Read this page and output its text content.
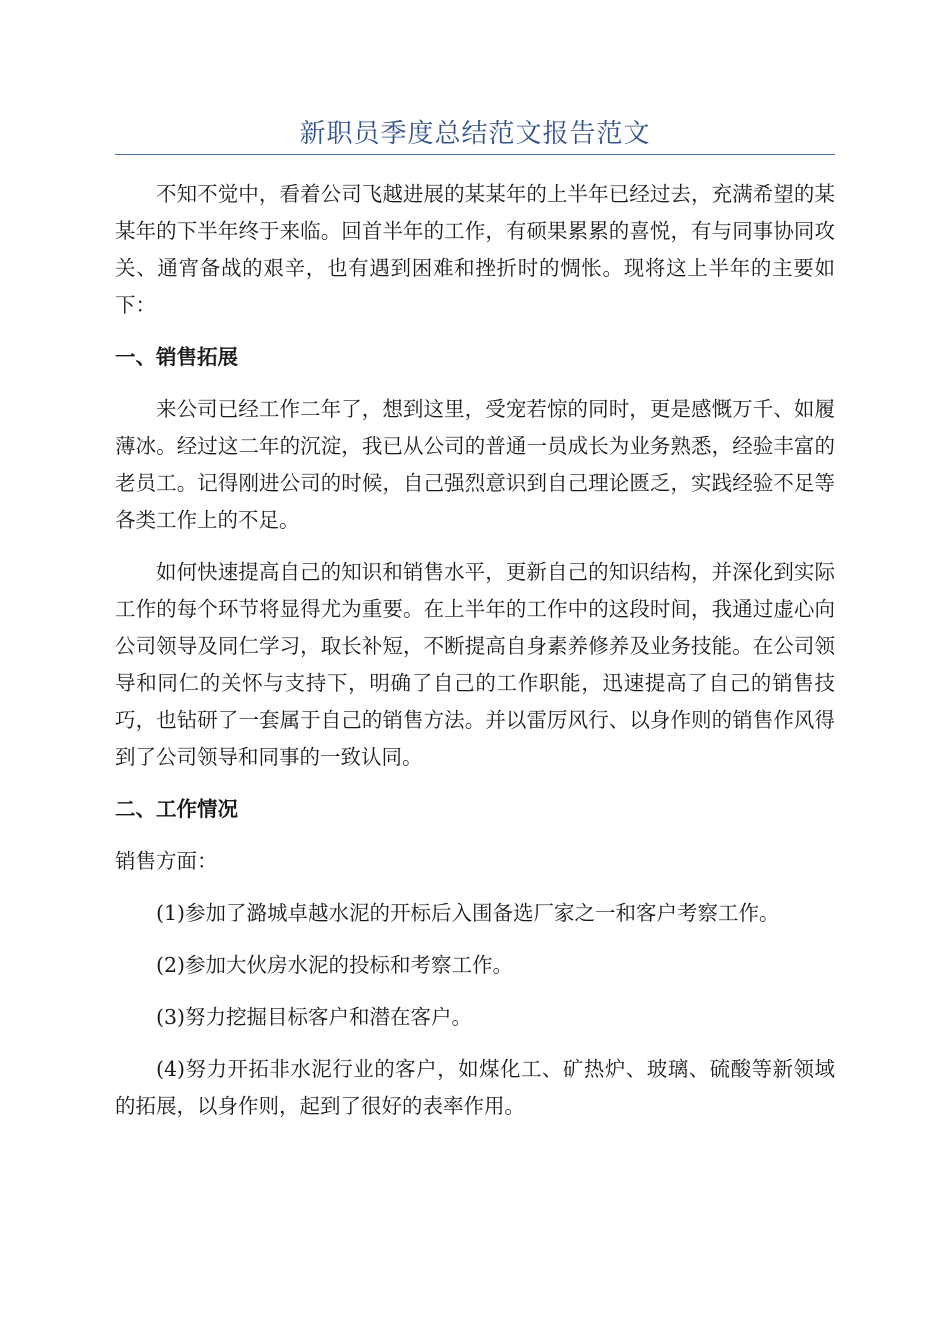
新职员季度总结范文报告范文

不知不觉中，看着公司飞越进展的某某年的上半年已经过去，充满希望的某某年的下半年终于来临。回首半年的工作，有硕果累累的喜悦，有与同事协同攻关、通宵备战的艰辛，也有遇到困难和挫折时的惆怅。现将这上半年的主要如下：

一、销售拓展

来公司已经工作二年了，想到这里，受宠若惊的同时，更是感慨万千、如履薄冰。经过这二年的沉淀，我已从公司的普通一员成长为业务熟悉，经验丰富的老员工。记得刚进公司的时候，自己强烈意识到自己理论匮乏，实践经验不足等各类工作上的不足。

如何快速提高自己的知识和销售水平，更新自己的知识结构，并深化到实际工作的每个环节将显得尤为重要。在上半年的工作中的这段时间，我通过虚心向公司领导及同仁学习，取长补短，不断提高自身素养修养及业务技能。在公司领导和同仁的关怀与支持下，明确了自己的工作职能，迅速提高了自己的销售技巧，也钻研了一套属于自己的销售方法。并以雷厉风行、以身作则的销售作风得到了公司领导和同事的一致认同。

二、工作情况

销售方面：

(1)参加了潞城卓越水泥的开标后入围备选厂家之一和客户考察工作。

(2)参加大伙房水泥的投标和考察工作。

(3)努力挖掘目标客户和潜在客户。

(4)努力开拓非水泥行业的客户，如煤化工、矿热炉、玻璃、硫酸等新领域的拓展，以身作则，起到了很好的表率作用。
